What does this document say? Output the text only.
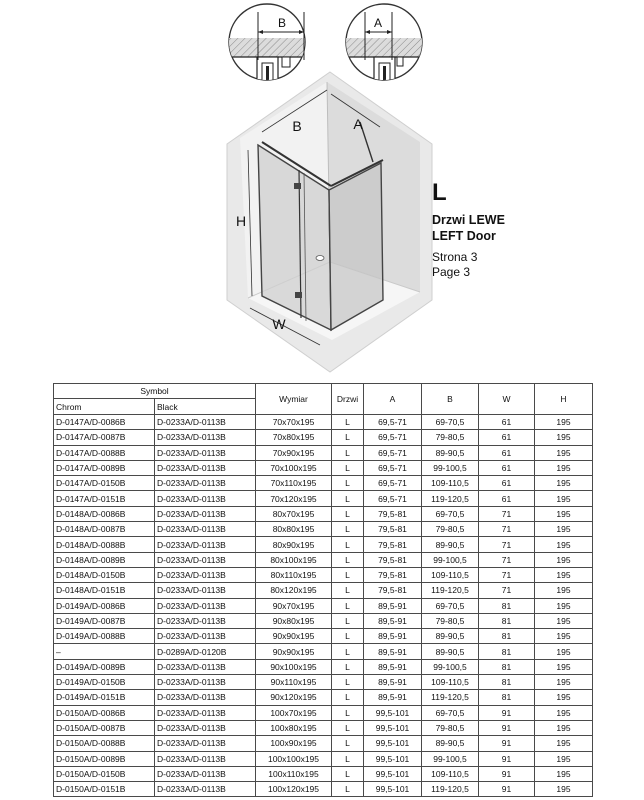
B	A
B	A
H
W
L
Drzwi LEWE
LEFT Door
Strona 3
Page 3
Symbol		Wymiar	Drzwi	A	B	W	H
Chrom	Black						
D-0147A/D-0086B	D-0233A/D-0113B	70x70x195	L	69,5-71	69-70,5	61	195
D-0147A/D-0087B	D-0233A/D-0113B	70x80x195	L	69,5-71	79-80,5	61	195
D-0147A/D-0088B	D-0233A/D-0113B	70x90x195	L	69,5-71	89-90,5	61	195
D-0147A/D-0089B	D-0233A/D-0113B	70x100x195	L	69,5-71	99-100,5	61	195
D-0147A/D-0150B	D-0233A/D-0113B	70x110x195	L	69,5-71	109-110,5	61	195
D-0147A/D-0151B	D-0233A/D-0113B	70x120x195	L	69,5-71	119-120,5	61	195
D-0148A/D-0086B	D-0233A/D-0113B	80x70x195	L	79,5-81	69-70,5	71	195
D-0148A/D-0087B	D-0233A/D-0113B	80x80x195	L	79,5-81	79-80,5	71	195
D-0148A/D-0088B	D-0233A/D-0113B	80x90x195	L	79,5-81	89-90,5	71	195
D-0148A/D-0089B	D-0233A/D-0113B	80x100x195	L	79,5-81	99-100,5	71	195
D-0148A/D-0150B	D-0233A/D-0113B	80x110x195	L	79,5-81	109-110,5	71	195
D-0148A/D-0151B	D-0233A/D-0113B	80x120x195	L	79,5-81	119-120,5	71	195
D-0149A/D-0086B	D-0233A/D-0113B	90x70x195	L	89,5-91	69-70,5	81	195
D-0149A/D-0087B	D-0233A/D-0113B	90x80x195	L	89,5-91	79-80,5	81	195
D-0149A/D-0088B	D-0233A/D-0113B	90x90x195	L	89,5-91	89-90,5	81	195
–	D-0289A/D-0120B	90x90x195	L	89,5-91	89-90,5	81	195
D-0149A/D-0089B	D-0233A/D-0113B	90x100x195	L	89,5-91	99-100,5	81	195
D-0149A/D-0150B	D-0233A/D-0113B	90x110x195	L	89,5-91	109-110,5	81	195
D-0149A/D-0151B	D-0233A/D-0113B	90x120x195	L	89,5-91	119-120,5	81	195
D-0150A/D-0086B	D-0233A/D-0113B	100x70x195	L	99,5-101	69-70,5	91	195
D-0150A/D-0087B	D-0233A/D-0113B	100x80x195	L	99,5-101	79-80,5	91	195
D-0150A/D-0088B	D-0233A/D-0113B	100x90x195	L	99,5-101	89-90,5	91	195
D-0150A/D-0089B	D-0233A/D-0113B	100x100x195	L	99,5-101	99-100,5	91	195
D-0150A/D-0150B	D-0233A/D-0113B	100x110x195	L	99,5-101	109-110,5	91	195
D-0150A/D-0151B	D-0233A/D-0113B	100x120x195	L	99,5-101	119-120,5	91	195
